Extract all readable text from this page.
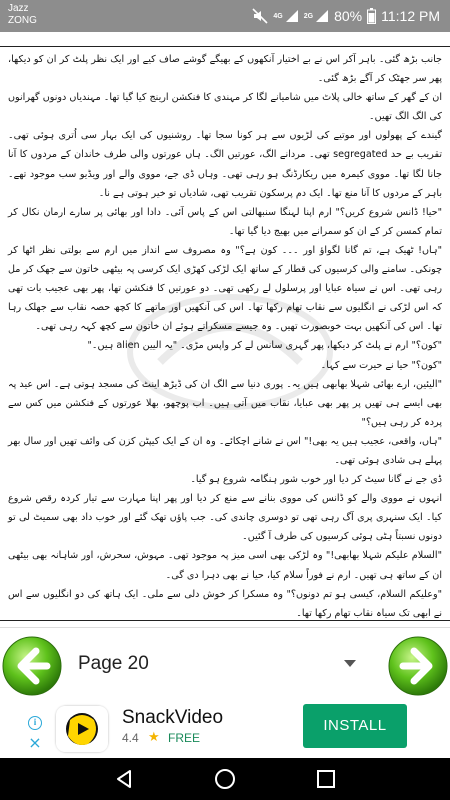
Jazz
ZONG	4G	2G 80% 11:12 PM

جانب بڑھ گئی۔ باہر آکر اس نے بے اختیار آنکھوں کے بھیگے گوشے صاف کیے اور ایک نظر پلٹ کر ان کو دیکھا، پھر سر جھٹک کر آگے بڑھ گئی۔

ان کے گھر کے ساتھ خالی پلاٹ میں شامیانے لگا کر مہندی کا فنکشن ارینج کیا گیا تھا۔ مہندیاں دونوں گھرانوں کی الگ الگ تھیں۔

گیندے کے پھولوں اور موتیے کی لڑیوں سے ہر کونا سجا تھا۔ روشنیوں کی ایک بہار سی اُتری ہوئی تھی۔ تقریب بے حد segregated تھی۔ مردانے الگ، عورتیں الگ۔ ہاں عورتوں والی طرف خاندان کے مردوں کا آنا جانا لگا تھا۔ مووی کیمرہ میں ریکارڈنگ ہو رہی تھی۔ وہاں ڈی جے، مووی والے اور ویڈیو سب موجود تھے۔ باہر کے مردوں کا آنا منع تھا۔ ایک دم پرسکون تقریب تھی، شادیاں تو خیر ہوتی ہے نا۔

"حیا! ڈانس شروع کریں؟" ارم اپنا لہنگا سنبھالتی اس کے پاس آئی۔ دادا اور بھائی پر سارے ارمان نکال کر تمام کمسن کر کے ان کو سمرانے میں بھیج دیا گیا تھا۔

"ہاں! ٹھیک ہے، تم گانا لگواؤ اور ۔۔۔ کون ہے؟" وہ مصروف سے انداز میں ارم سے بولتی نظر اٹھا کر چونکی۔ سامنے والی کرسیوں کی قطار کے ساتھ ایک لڑکی کھڑی ایک کرسی پہ بیٹھی خاتون سے جھک کر مل رہی تھی۔ اس نے سیاہ عبایا اور پرسلول لے رکھی تھی۔ دو عورتیں کا فنکشن تھا، پھر بھی عجیب بات تھی کہ اس لڑکی نے انگلیوں سے نقاب تھام رکھا تھا۔ اس کی آنکھیں اور ماتھے کا کچھ حصہ نقاب سے جھلک رہا تھا۔ اس کی آنکھیں بہت خوبصورت تھیں۔ وہ جیسے مسکراتے ہوئے ان خاتون سے کچھ کہہ رہی تھی۔

"کون؟" ارم نے پلٹ کر دیکھا، پھر گہری سانس لے کر واپس مڑی۔ "یہ الیین alien ہیں۔"

"کون؟" حیا نے حیرت سے کہا۔

"الیئین، ارے بھائی شہلا بھابھی ہیں یہ۔ پوری دنیا سے الگ ان کی ڈیڑھ اینٹ کی مسجد ہوتی ہے۔ اس عید پہ بھی ایسے ہی تھیں پر پھر بھی عبایا، نقاب میں آتی ہیں۔ اب پوچھو، بھلا عورتوں کے فنکشن میں کس سے پردہ کر رہی ہیں؟"

"ہاں، واقعی، عجیب ہیں یہ بھی!" اس نے شانے اچکائے۔ وہ ان کے ایک کیپٹن کزن کی وائف تھیں اور سال بھر پہلے ہی شادی ہوئی تھی۔

ڈی جے نے گانا سیٹ کر دیا اور خوب شور ہنگامہ شروع ہو گیا۔

انہوں نے مووی والے کو ڈانس کی مووی بنانے سے منع کر دیا اور پھر اپنا مہارت سے تیار کردہ رقص شروع کیا۔ ایک سنہری پری آگ رہی تھی تو دوسری چاندی کی۔ جب پاؤں تھک گئے اور خوب داد بھی سمیٹ لی تو دونوں نسبتاً ہٹی ہوئی کرسیوں کی طرف آ گئیں۔

"السلام علیکم شہلا بھابھی!" وہ لڑکی بھی اسی میز پہ موجود تھی۔ مہوش، سحرش، اور شاہانہ بھی بیٹھی ان کے ساتھ ہی تھیں۔ ارم نے فوراً سلام کیا، حیا نے بھی دہرا دی گی۔

"وعلیکم السلام، کیسی ہو تم دونوں؟" وہ مسکرا کر خوش دلی سے ملی۔ ایک ہاتھ کی دو انگلیوں سے اس نے ابھی تک سیاہ نقاب تھام رکھا تھا۔

Page 20
i
×
SnackVideo
4.4 ★ FREE
INSTALL
